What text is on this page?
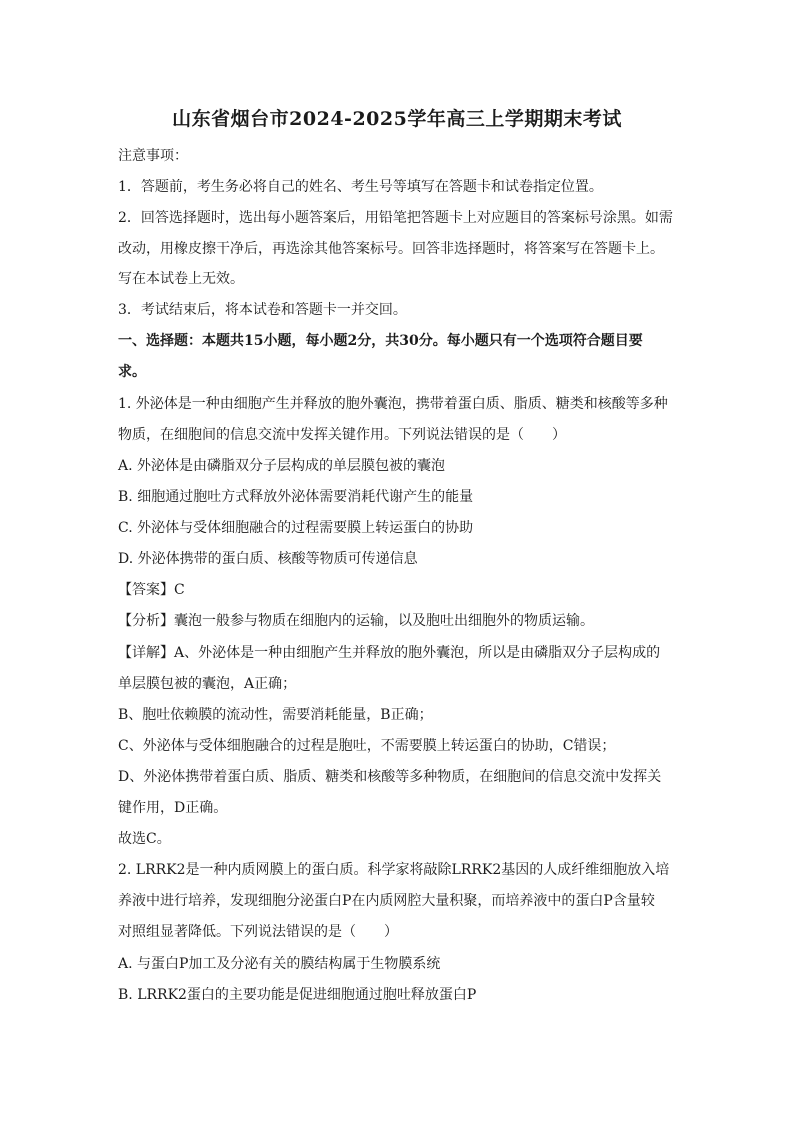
山东省烟台市2024-2025学年高三上学期期末考试
注意事项：
1．答题前，考生务必将自己的姓名、考生号等填写在答题卡和试卷指定位置。
2．回答选择题时，选出每小题答案后，用铅笔把答题卡上对应题目的答案标号涂黑。如需
改动，用橡皮擦干净后，再选涂其他答案标号。回答非选择题时，将答案写在答题卡上。
写在本试卷上无效。
3．考试结束后，将本试卷和答题卡一并交回。
一、选择题：本题共15小题，每小题2分，共30分。每小题只有一个选项符合题目要
求。
1. 外泌体是一种由细胞产生并释放的胞外囊泡，携带着蛋白质、脂质、糖类和核酸等多种
物质，在细胞间的信息交流中发挥关键作用。下列说法错误的是（　　）
A. 外泌体是由磷脂双分子层构成的单层膜包被的囊泡
B. 细胞通过胞吐方式释放外泌体需要消耗代谢产生的能量
C. 外泌体与受体细胞融合的过程需要膜上转运蛋白的协助
D. 外泌体携带的蛋白质、核酸等物质可传递信息
【答案】C
【分析】囊泡一般参与物质在细胞内的运输，以及胞吐出细胞外的物质运输。
【详解】A、外泌体是一种由细胞产生并释放的胞外囊泡，所以是由磷脂双分子层构成的
单层膜包被的囊泡，A正确；
B、胞吐依赖膜的流动性，需要消耗能量，B正确；
C、外泌体与受体细胞融合的过程是胞吐，不需要膜上转运蛋白的协助，C错误；
D、外泌体携带着蛋白质、脂质、糖类和核酸等多种物质，在细胞间的信息交流中发挥关
键作用，D正确。
故选C。
2. LRRK2是一种内质网膜上的蛋白质。科学家将敲除LRRK2基因的人成纤维细胞放入培
养液中进行培养，发现细胞分泌蛋白P在内质网腔大量积聚，而培养液中的蛋白P含量较
对照组显著降低。下列说法错误的是（　　）
A. 与蛋白P加工及分泌有关的膜结构属于生物膜系统
B. LRRK2蛋白的主要功能是促进细胞通过胞吐释放蛋白P
